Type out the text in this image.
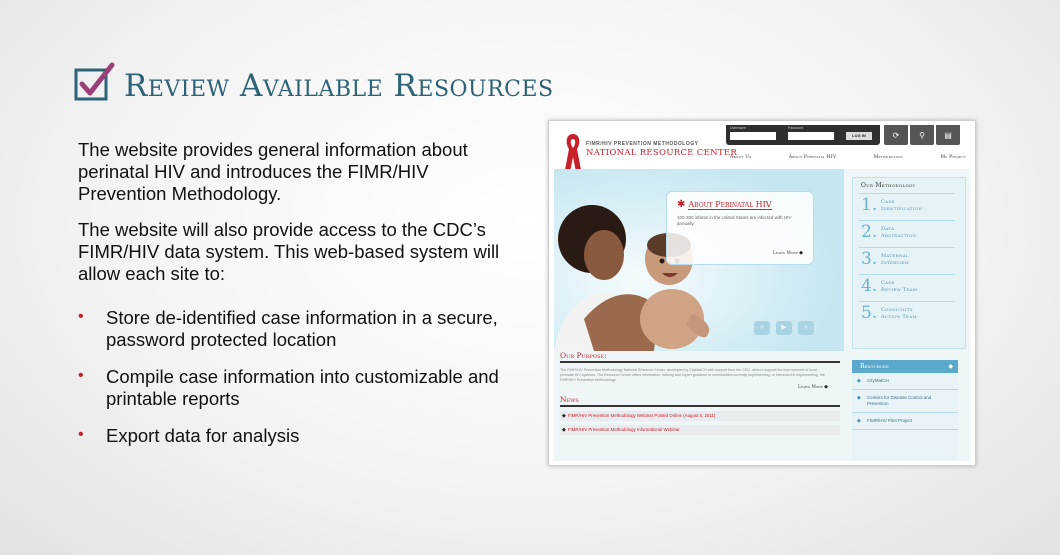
Review Available Resources

The website provides general information about perinatal HIV and introduces the FIMR/HIV Prevention Methodology.

The website will also provide access to the CDC’s FIMR/HIV data system. This web-based system will allow each site to:

• Store de-identified case information in a secure, password protected location
• Compile case information into customizable and printable reports
• Export data for analysis
FIMR/HIV PREVENTION METHODOLOGY
NATIONAL RESOURCE CENTER
Username	Password
LOG IN	⟳ ⚲ ▤
About Us	About Perinatal HIV	Methodology	My Project
✱ About Perinatal HIV
100-300 infants in the United States are infected with HIV annually.
Learn More ◆
«	▶	»
Our Methodology
1. Case
Identification
2. Data
Abstraction
3. Maternal
Interview
4. Case
Review Team
5. Community
Action Team
Our Purpose:
The FIMR/HIV Prevention Methodology National Resource Center, developed by CityMatCH with support from the CDC, aims to support the improvement of local perinatal HIV systems. The Resource Center offers information, training and expert guidance to communities currently implementing, or interested in implementing, the FIMR/HIV Prevention Methodology.
Learn More ◆
News
◆ FIMR/HIV Prevention Methodology Webinar Posted Online (August 5, 2011)
◆ FIMR/HIV Prevention Methodology Informational Webinar
Resources	◆
◆ CityMatCH
◆ Centers for Disease Control and Prevention
◆ FIMR/HIV Pilot Project
